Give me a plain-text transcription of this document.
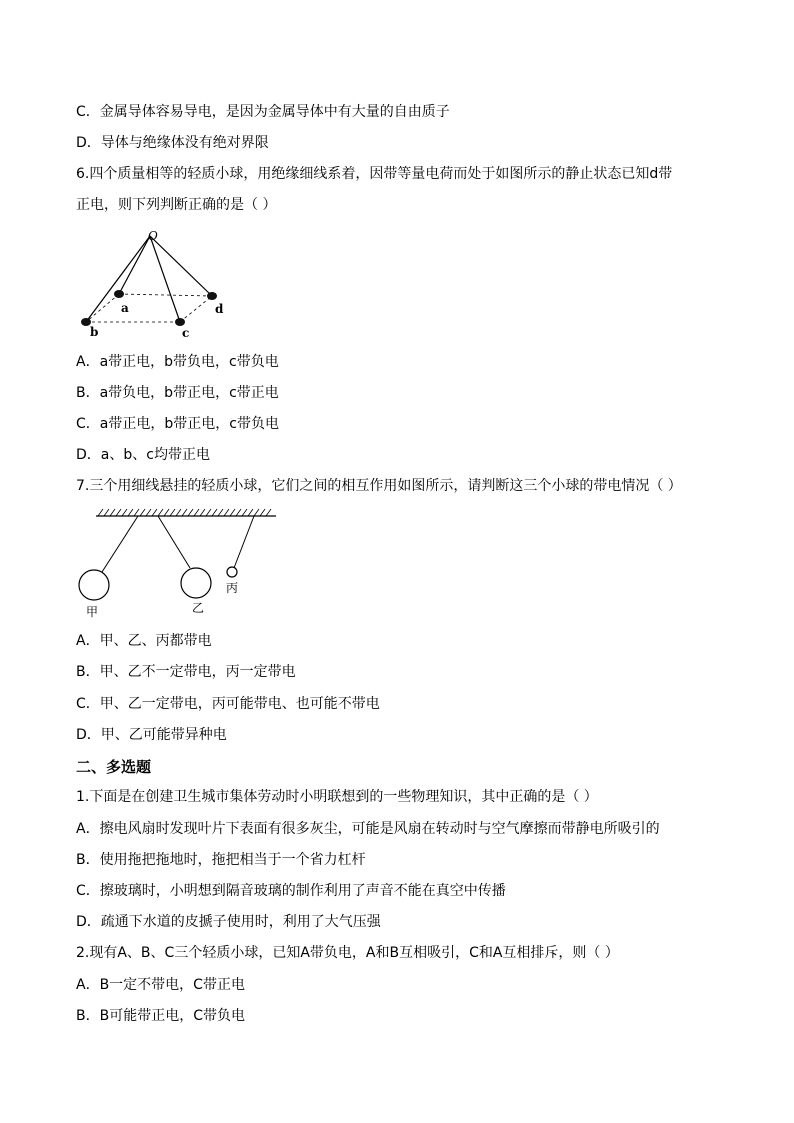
C．金属导体容易导电，是因为金属导体中有大量的自由质子
D．导体与绝缘体没有绝对界限
6.四个质量相等的轻质小球，用绝缘细线系着，因带等量电荷而处于如图所示的静止状态已知d带
正电，则下列判断正确的是（ ）
O
a
b	c
d
A．a带正电，b带负电，c带负电
B．a带负电，b带正电，c带正电
C．a带正电，b带正电，c带负电
D．a、b、c均带正电
7.三个用细线悬挂的轻质小球，它们之间的相互作用如图所示，请判断这三个小球的带电情况（ ）
甲	乙
丙
A．甲、乙、丙都带电
B．甲、乙不一定带电，丙一定带电
C．甲、乙一定带电，丙可能带电、也可能不带电
D．甲、乙可能带异种电
二、多选题
1.下面是在创建卫生城市集体劳动时小明联想到的一些物理知识，其中正确的是（ ）
A．擦电风扇时发现叶片下表面有很多灰尘，可能是风扇在转动时与空气摩擦而带静电所吸引的
B．使用拖把拖地时，拖把相当于一个省力杠杆
C．擦玻璃时，小明想到隔音玻璃的制作利用了声音不能在真空中传播
D．疏通下水道的皮搋子使用时，利用了大气压强
2.现有A、B、C三个轻质小球，已知A带负电，A和B互相吸引，C和A互相排斥，则（ ）
A．B一定不带电，C带正电
B．B可能带正电，C带负电
